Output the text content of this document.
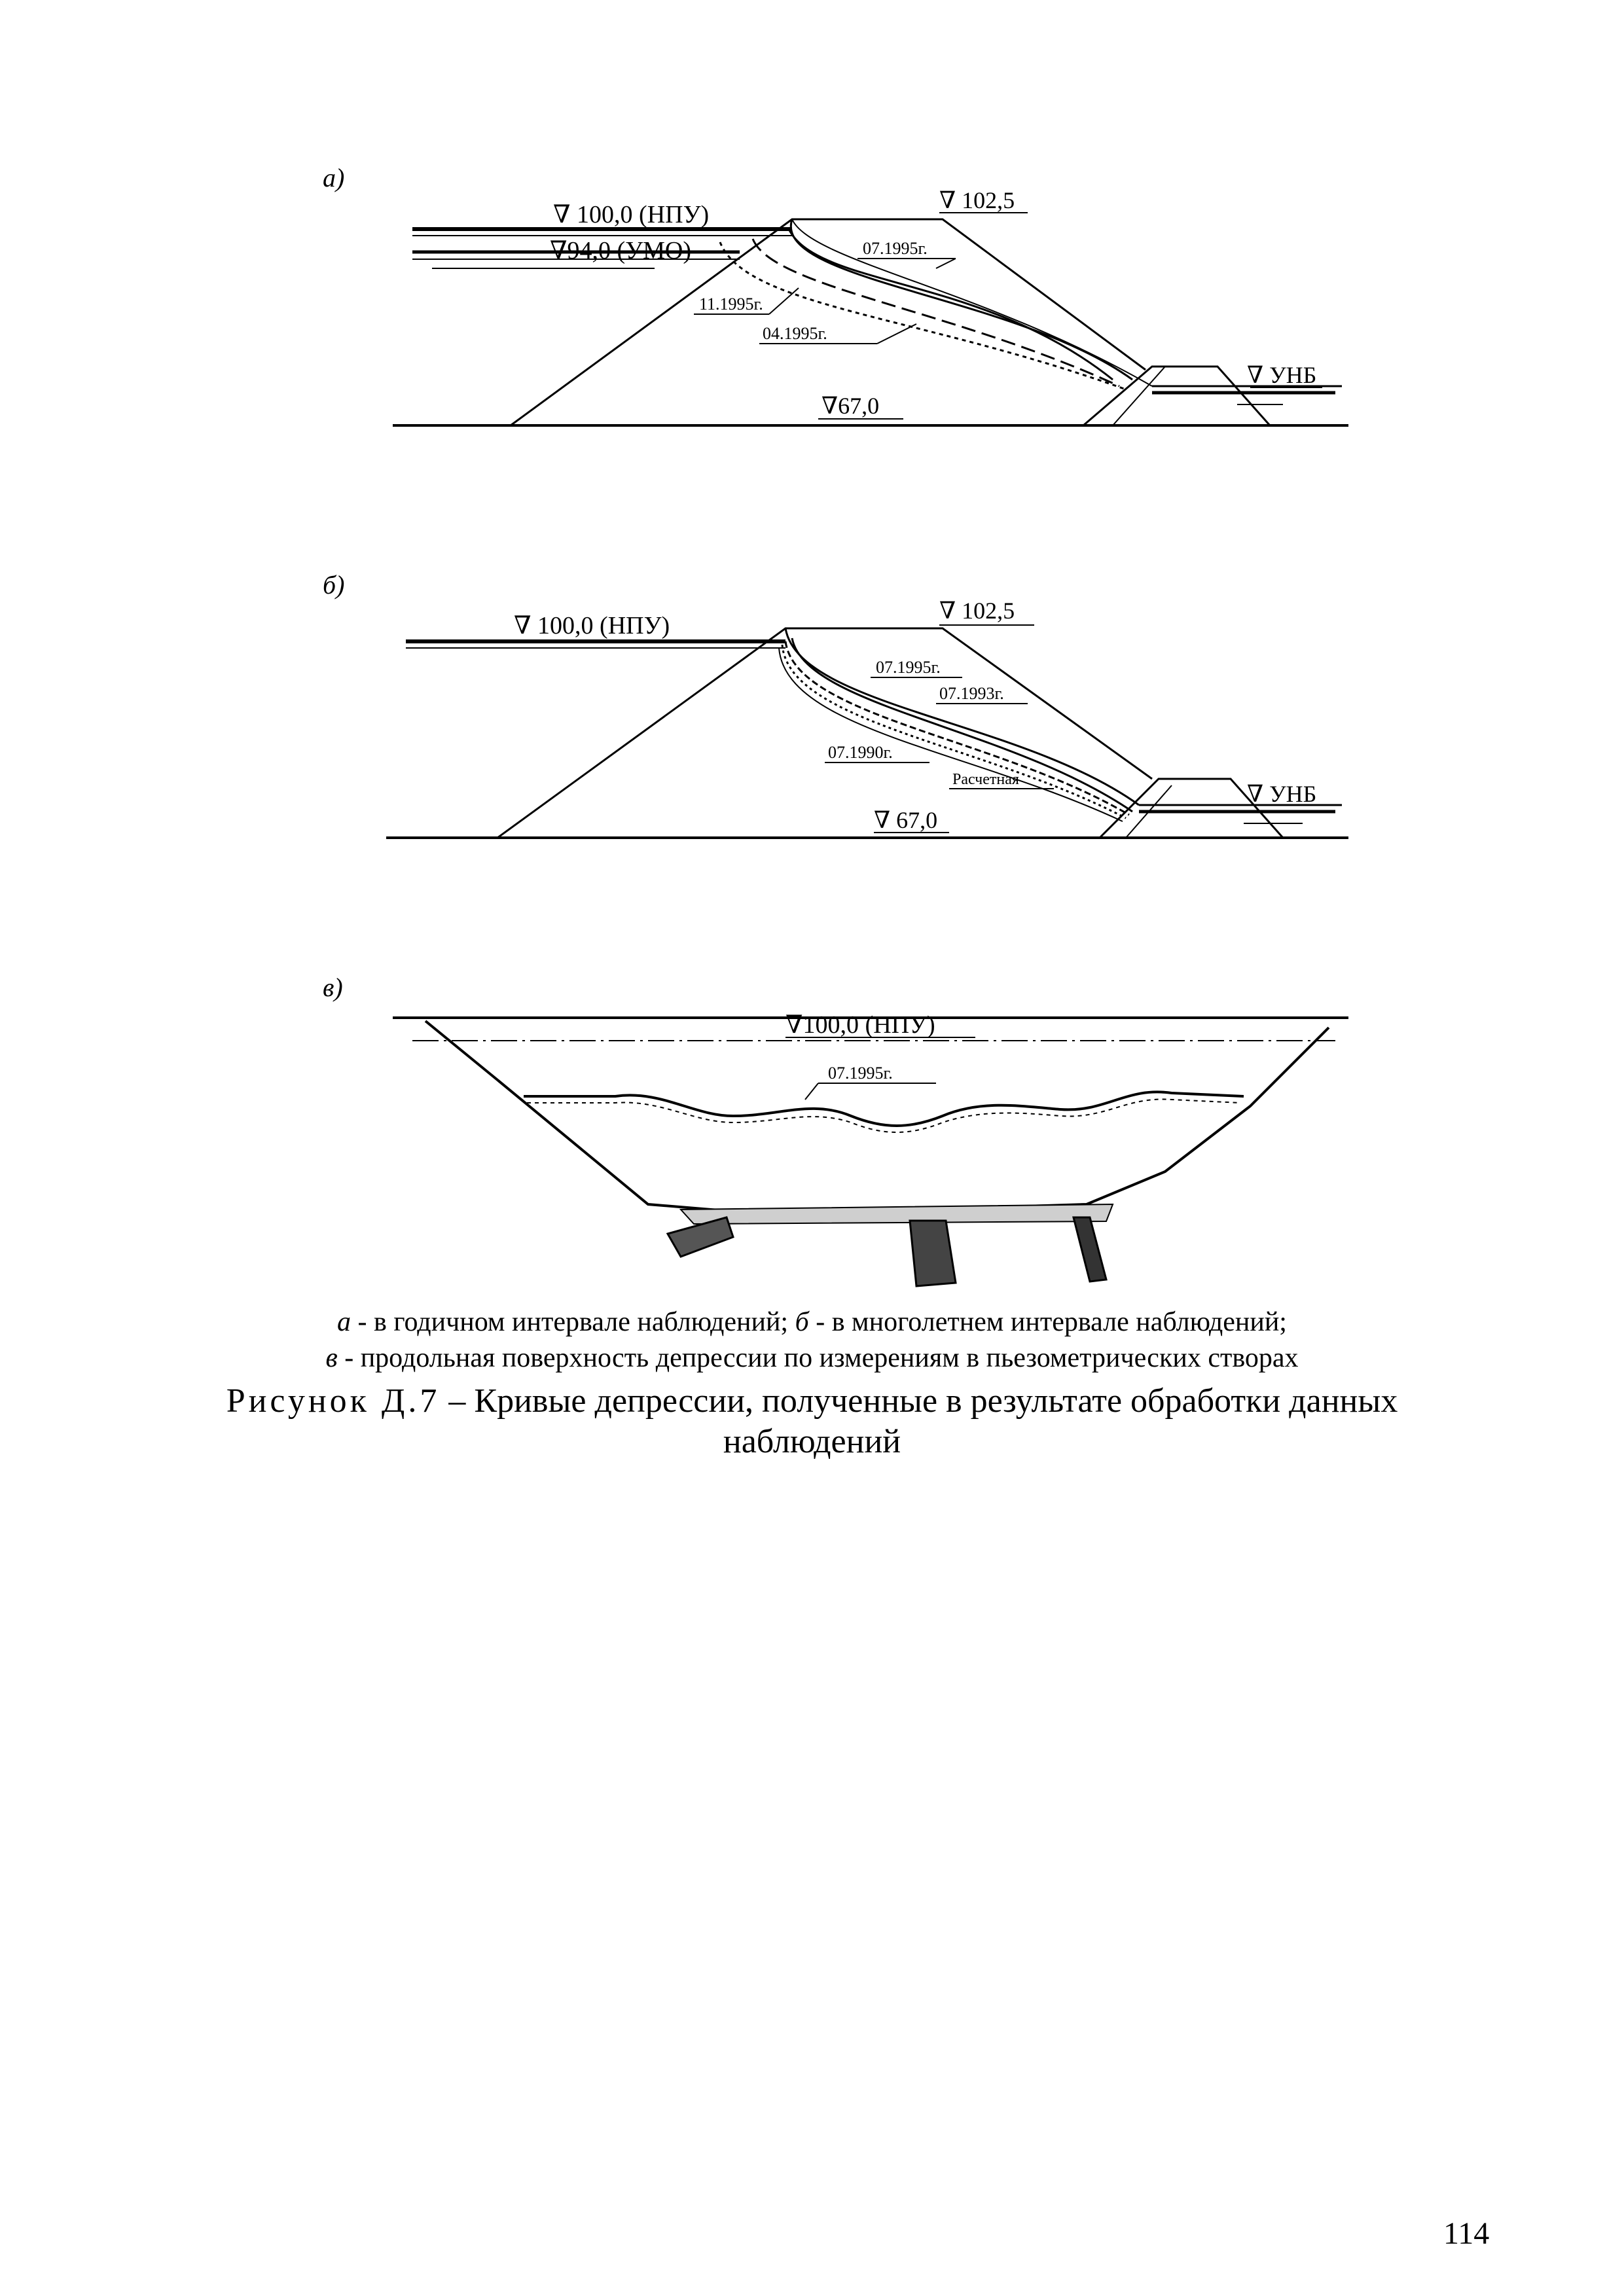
а)
б)
в)
∇ 100,0 (НПУ)
∇94,0 (УМО)
∇ 102,5
∇ УНБ
∇67,0
07.1995г.
11.1995г.
04.1995г.
∇ 100,0 (НПУ)
∇ 102,5
∇ УНБ
∇ 67,0
07.1995г.
07.1993г.
07.1990г.
Расчетная
∇100,0 (НПУ)
07.1995г.
а - в годичном интервале наблюдений; б - в многолетнем интервале наблюдений;
в - продольная поверхность депрессии по измерениям в пьезометрических створах
Рисунок Д.7 – Кривые депрессии, полученные в результате обработки данных
наблюдений
114
